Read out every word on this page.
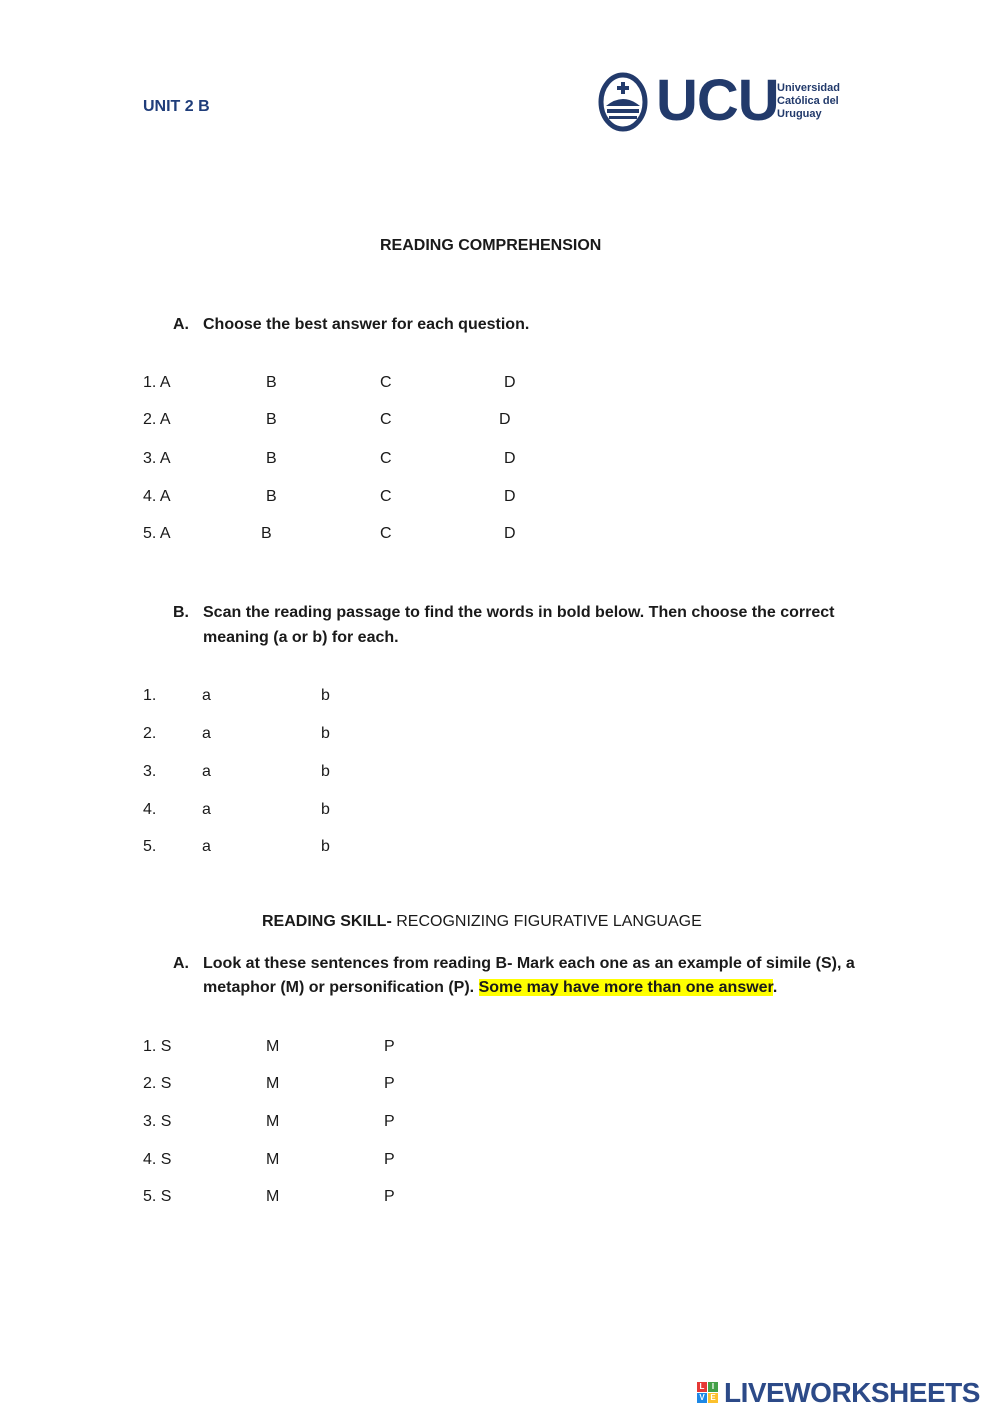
UNIT 2 B	UCU
Universidad
Católica del
Uruguay
READING COMPREHENSION
A. Choose the best answer for each question.
1. A	B	C	D
2. A	B	C	D
3. A	B	C	D
4. A	B	C	D
5. A	B	C	D
B. Scan the reading passage to find the words in bold below. Then choose the correct
meaning (a or b) for each.
1.	a	b
2.	a	b
3.	a	b
4.	a	b
5.	a	b
READING SKILL- RECOGNIZING FIGURATIVE LANGUAGE
A. Look at these sentences from reading B- Mark each one as an example of simile (S), a
metaphor (M) or personification (P). Some may have more than one answer.
1. S	M	P
2. S	M	P
3. S	M	P
4. S	M	P
5. S	M	P
L I
V E LIVEWORKSHEETS
